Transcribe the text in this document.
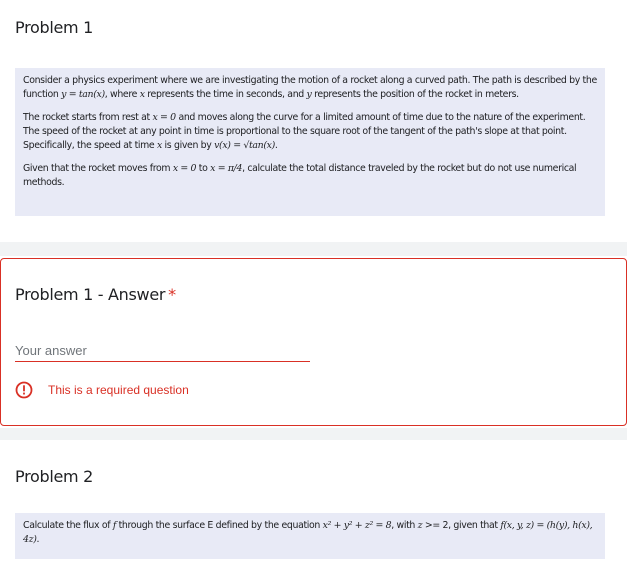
Problem 1

Consider a physics experiment where we are investigating the motion of a rocket along a curved path. The path is described by the function y = tan(x), where x represents the time in seconds, and y represents the position of the rocket in meters.

The rocket starts from rest at x = 0 and moves along the curve for a limited amount of time due to the nature of the experiment. The speed of the rocket at any point in time is proportional to the square root of the tangent of the path's slope at that point. Specifically, the speed at time x is given by v(x) = √tan(x).

Given that the rocket moves from x = 0 to x = π/4, calculate the total distance traveled by the rocket but do not use numerical methods.

Problem 1 - Answer *
Your answer
This is a required question
Problem 2

Calculate the flux of f through the surface E defined by the equation x² + y² + z² = 8, with z >= 2, given that f(x, y, z) = (h(y), h(x), 4z).
